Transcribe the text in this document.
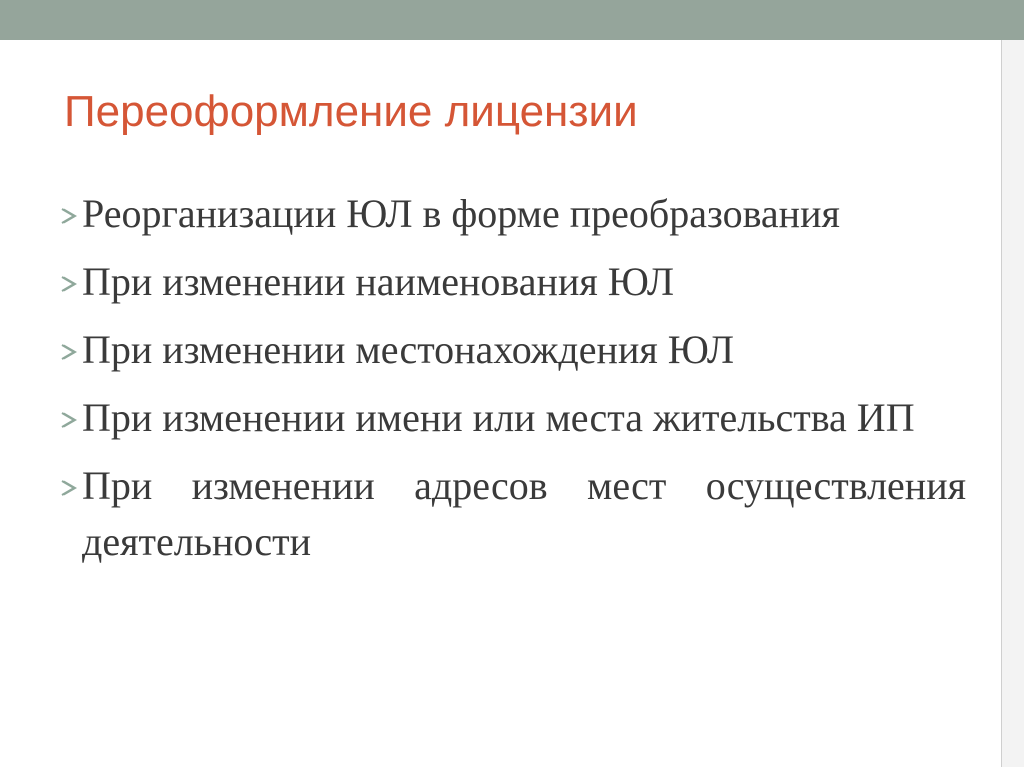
Переоформление лицензии
Реорганизации ЮЛ в форме преобразования
При изменении наименования ЮЛ
При изменении местонахождения ЮЛ
При изменении имени или места жительства ИП
При изменении адресов мест осуществления деятельности
